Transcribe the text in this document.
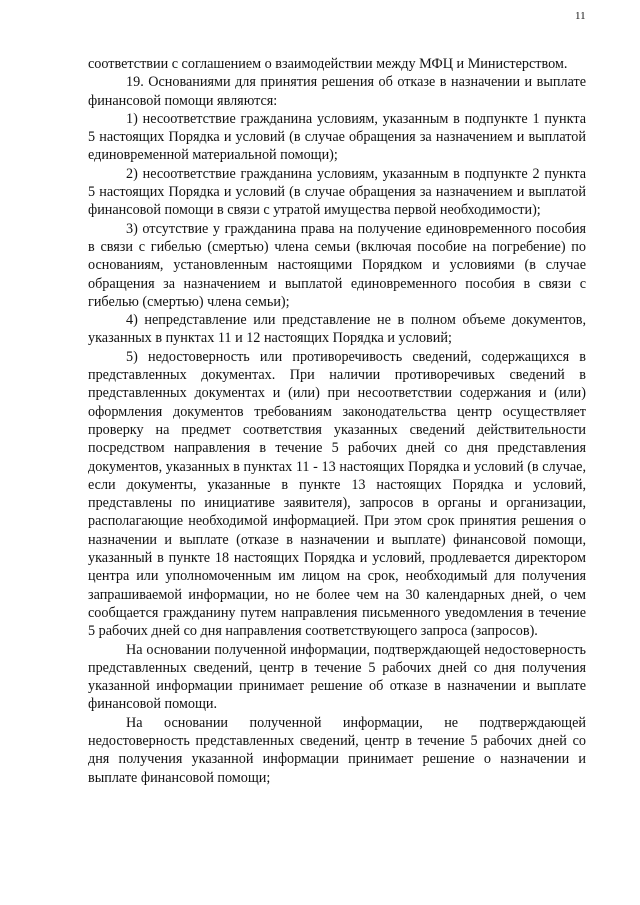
11

соответствии с соглашением о взаимодействии между МФЦ и Министерством.

19. Основаниями для принятия решения об отказе в назначении и выплате финансовой помощи являются:

1) несоответствие гражданина условиям, указанным в подпункте 1 пункта 5 настоящих Порядка и условий (в случае обращения за назначением и выплатой единовременной материальной помощи);

2) несоответствие гражданина условиям, указанным в подпункте 2 пункта 5 настоящих Порядка и условий (в случае обращения за назначением и выплатой финансовой помощи в связи с утратой имущества первой необходимости);

3) отсутствие у гражданина права на получение единовременного пособия в связи с гибелью (смертью) члена семьи (включая пособие на погребение) по основаниям, установленным настоящими Порядком и условиями (в случае обращения за назначением и выплатой единовременного пособия в связи с гибелью (смертью) члена семьи);

4) непредставление или представление не в полном объеме документов, указанных в пунктах 11 и 12 настоящих Порядка и условий;

5) недостоверность или противоречивость сведений, содержащихся в представленных документах. При наличии противоречивых сведений в представленных документах и (или) при несоответствии содержания и (или) оформления документов требованиям законодательства центр осуществляет проверку на предмет соответствия указанных сведений действительности посредством направления в течение 5 рабочих дней со дня представления документов, указанных в пунктах 11 - 13 настоящих Порядка и условий (в случае, если документы, указанные в пункте 13 настоящих Порядка и условий, представлены по инициативе заявителя), запросов в органы и организации, располагающие необходимой информацией. При этом срок принятия решения о назначении и выплате (отказе в назначении и выплате) финансовой помощи, указанный в пункте 18 настоящих Порядка и условий, продлевается директором центра или уполномоченным им лицом на срок, необходимый для получения запрашиваемой информации, но не более чем на 30 календарных дней, о чем сообщается гражданину путем направления письменного уведомления в течение 5 рабочих дней со дня направления соответствующего запроса (запросов).

На основании полученной информации, подтверждающей недостоверность представленных сведений, центр в течение 5 рабочих дней со дня получения указанной информации принимает решение об отказе в назначении и выплате финансовой помощи.

На основании полученной информации, не подтверждающей недостоверность представленных сведений, центр в течение 5 рабочих дней со дня получения указанной информации принимает решение о назначении и выплате финансовой помощи;
